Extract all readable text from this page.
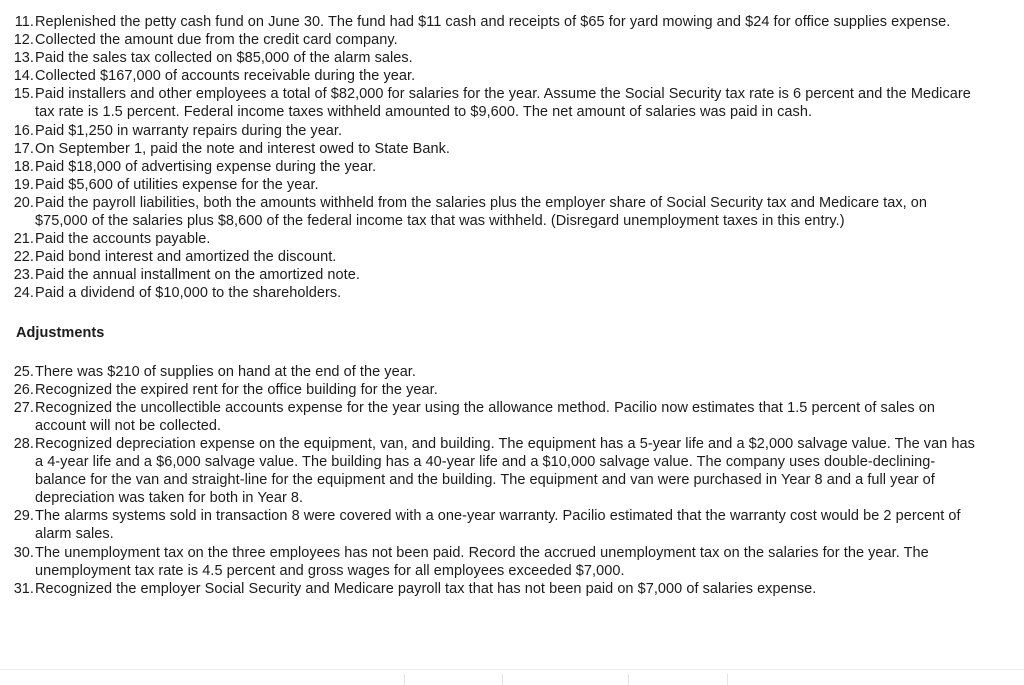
11. Replenished the petty cash fund on June 30. The fund had $11 cash and receipts of $65 for yard mowing and $24 for office supplies expense.
12. Collected the amount due from the credit card company.
13. Paid the sales tax collected on $85,000 of the alarm sales.
14. Collected $167,000 of accounts receivable during the year.
15. Paid installers and other employees a total of $82,000 for salaries for the year. Assume the Social Security tax rate is 6 percent and the Medicare tax rate is 1.5 percent. Federal income taxes withheld amounted to $9,600. The net amount of salaries was paid in cash.
16. Paid $1,250 in warranty repairs during the year.
17. On September 1, paid the note and interest owed to State Bank.
18. Paid $18,000 of advertising expense during the year.
19. Paid $5,600 of utilities expense for the year.
20. Paid the payroll liabilities, both the amounts withheld from the salaries plus the employer share of Social Security tax and Medicare tax, on $75,000 of the salaries plus $8,600 of the federal income tax that was withheld. (Disregard unemployment taxes in this entry.)
21. Paid the accounts payable.
22. Paid bond interest and amortized the discount.
23. Paid the annual installment on the amortized note.
24. Paid a dividend of $10,000 to the shareholders.
Adjustments
25. There was $210 of supplies on hand at the end of the year.
26. Recognized the expired rent for the office building for the year.
27. Recognized the uncollectible accounts expense for the year using the allowance method. Pacilio now estimates that 1.5 percent of sales on account will not be collected.
28. Recognized depreciation expense on the equipment, van, and building. The equipment has a 5-year life and a $2,000 salvage value. The van has a 4-year life and a $6,000 salvage value. The building has a 40-year life and a $10,000 salvage value. The company uses double-declining-balance for the van and straight-line for the equipment and the building. The equipment and van were purchased in Year 8 and a full year of depreciation was taken for both in Year 8.
29. The alarms systems sold in transaction 8 were covered with a one-year warranty. Pacilio estimated that the warranty cost would be 2 percent of alarm sales.
30. The unemployment tax on the three employees has not been paid. Record the accrued unemployment tax on the salaries for the year. The unemployment tax rate is 4.5 percent and gross wages for all employees exceeded $7,000.
31. Recognized the employer Social Security and Medicare payroll tax that has not been paid on $7,000 of salaries expense.
